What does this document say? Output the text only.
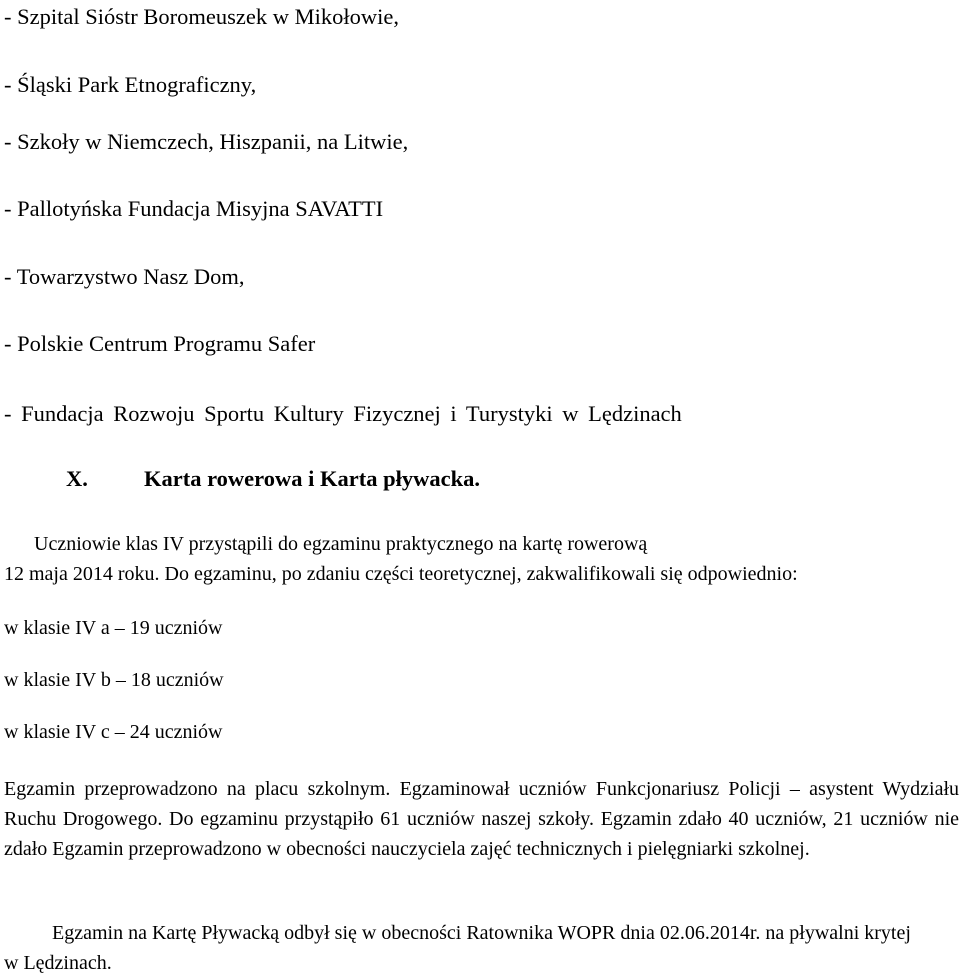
- Szpital Sióstr Boromeuszek w Mikołowie,
- Śląski Park Etnograficzny,
- Szkoły w Niemczech, Hiszpanii, na Litwie,
- Pallotyńska Fundacja Misyjna SAVATTI
- Towarzystwo Nasz Dom,
- Polskie Centrum Programu Safer
- Fundacja Rozwoju Sportu Kultury Fizycznej i Turystyki w Lędzinach
X. Karta rowerowa i Karta pływacka.
Uczniowie klas IV przystąpili do egzaminu praktycznego na kartę rowerową
12 maja 2014 roku. Do egzaminu, po zdaniu części teoretycznej, zakwalifikowali się odpowiednio:
w klasie IV a – 19 uczniów
w klasie IV b – 18 uczniów
w klasie IV c – 24 uczniów

Egzamin przeprowadzono na placu szkolnym. Egzaminował uczniów Funkcjonariusz Policji – asystent Wydziału Ruchu Drogowego. Do egzaminu przystąpiło 61 uczniów naszej szkoły. Egzamin zdało 40 uczniów, 21 uczniów nie zdało Egzamin przeprowadzono w obecności nauczyciela zajęć technicznych i pielęgniarki szkolnej.

Egzamin na Kartę Pływacką odbył się w obecności Ratownika WOPR dnia 02.06.2014r. na pływalni krytej w Lędzinach.
